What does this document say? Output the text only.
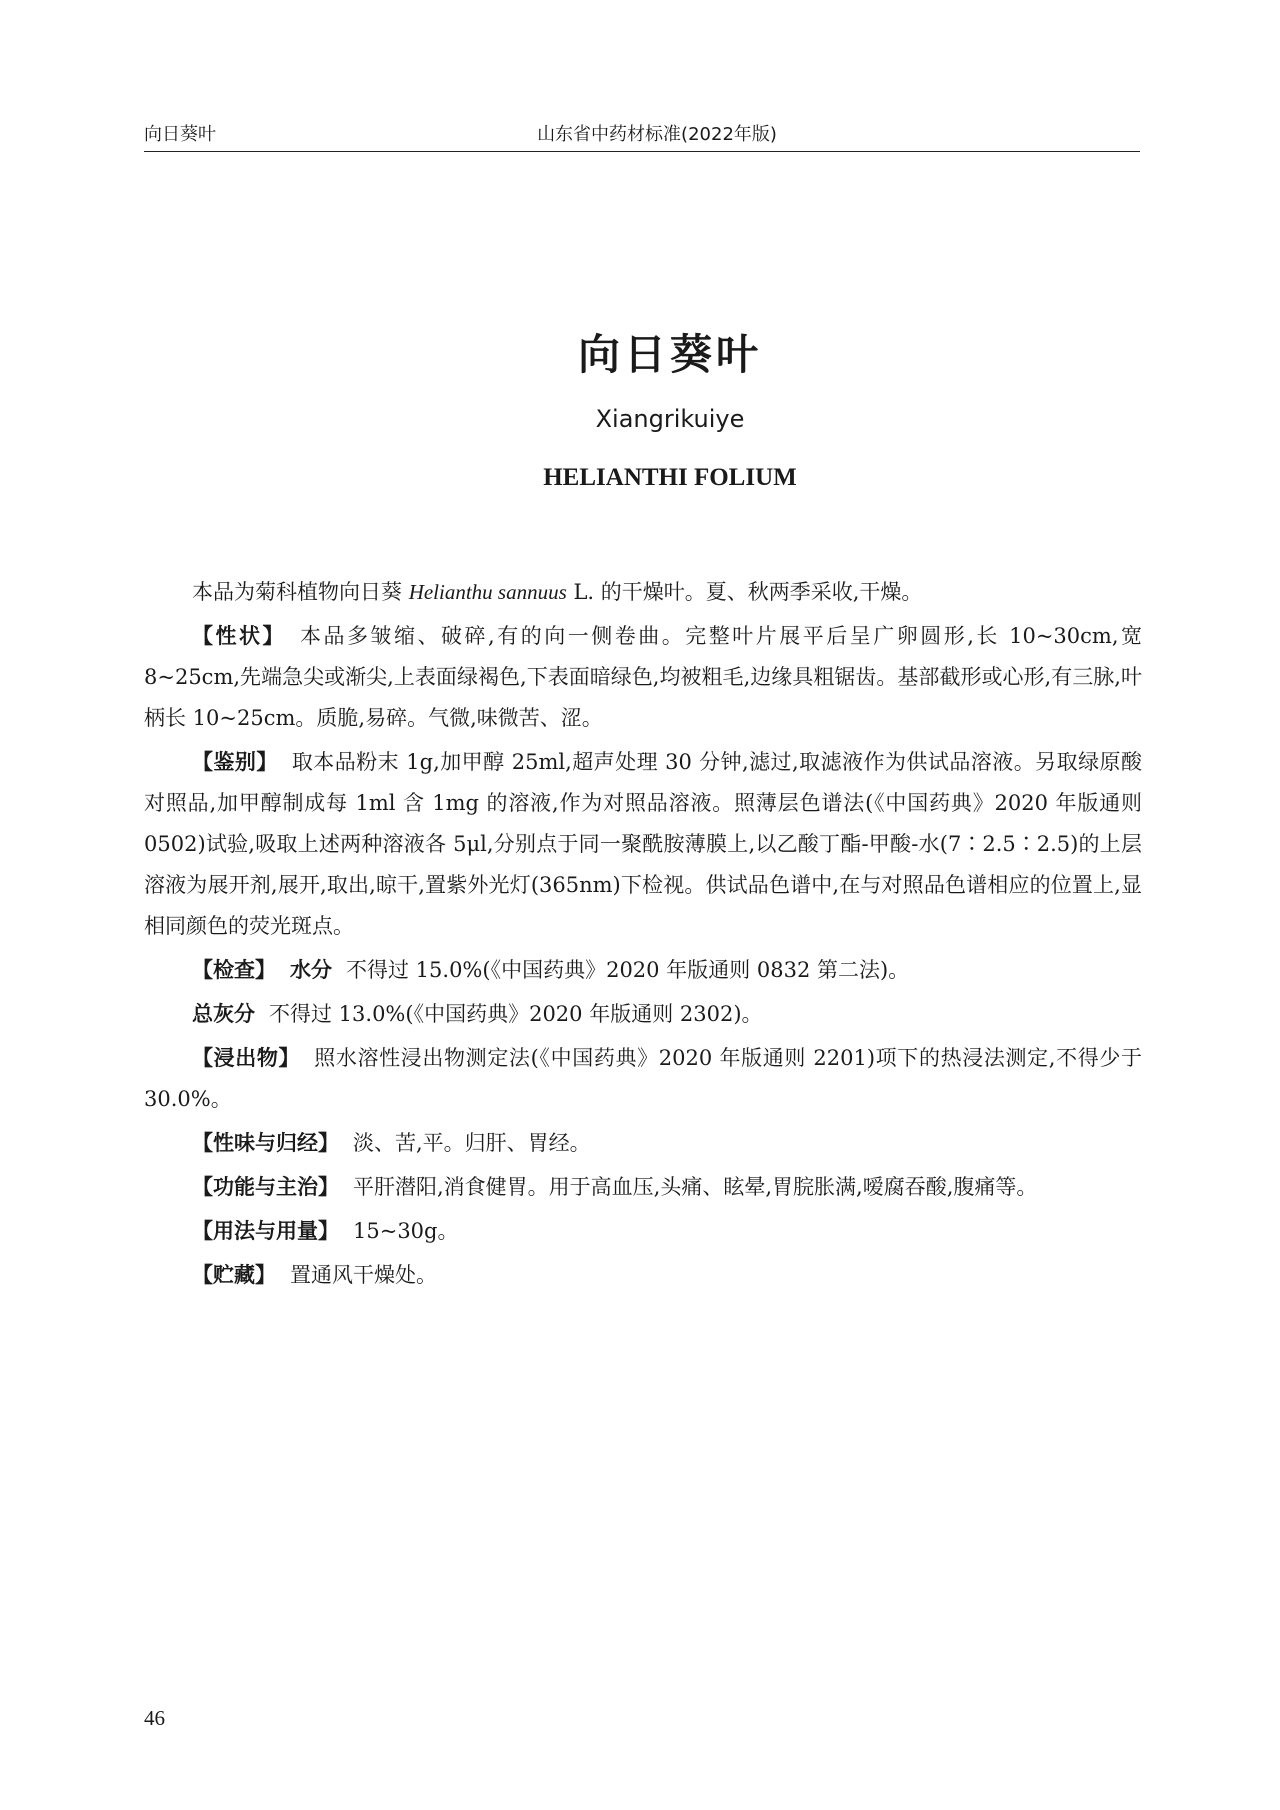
向日葵叶	山东省中药材标准(2022年版)
向日葵叶
Xiangrikuiye
HELIANTHI FOLIUM

本品为菊科植物向日葵 Helianthu sannuus L. 的干燥叶。夏、秋两季采收,干燥。

【性状】 本品多皱缩、破碎,有的向一侧卷曲。完整叶片展平后呈广卵圆形,长 10~30cm,宽 8~25cm,先端急尖或渐尖,上表面绿褐色,下表面暗绿色,均被粗毛,边缘具粗锯齿。基部截形或心形,有三脉,叶柄长 10~25cm。质脆,易碎。气微,味微苦、涩。

【鉴别】 取本品粉末 1g,加甲醇 25ml,超声处理 30 分钟,滤过,取滤液作为供试品溶液。另取绿原酸对照品,加甲醇制成每 1ml 含 1mg 的溶液,作为对照品溶液。照薄层色谱法(《中国药典》2020 年版通则 0502)试验,吸取上述两种溶液各 5μl,分别点于同一聚酰胺薄膜上,以乙酸丁酯-甲酸-水(7∶2.5∶2.5)的上层溶液为展开剂,展开,取出,晾干,置紫外光灯(365nm)下检视。供试品色谱中,在与对照品色谱相应的位置上,显相同颜色的荧光斑点。

【检查】 水分 不得过 15.0%(《中国药典》2020 年版通则 0832 第二法)。

总灰分 不得过 13.0%(《中国药典》2020 年版通则 2302)。

【浸出物】 照水溶性浸出物测定法(《中国药典》2020 年版通则 2201)项下的热浸法测定,不得少于 30.0%。

【性味与归经】 淡、苦,平。归肝、胃经。

【功能与主治】 平肝潜阳,消食健胃。用于高血压,头痛、眩晕,胃脘胀满,嗳腐吞酸,腹痛等。

【用法与用量】 15~30g。

【贮藏】 置通风干燥处。

46
